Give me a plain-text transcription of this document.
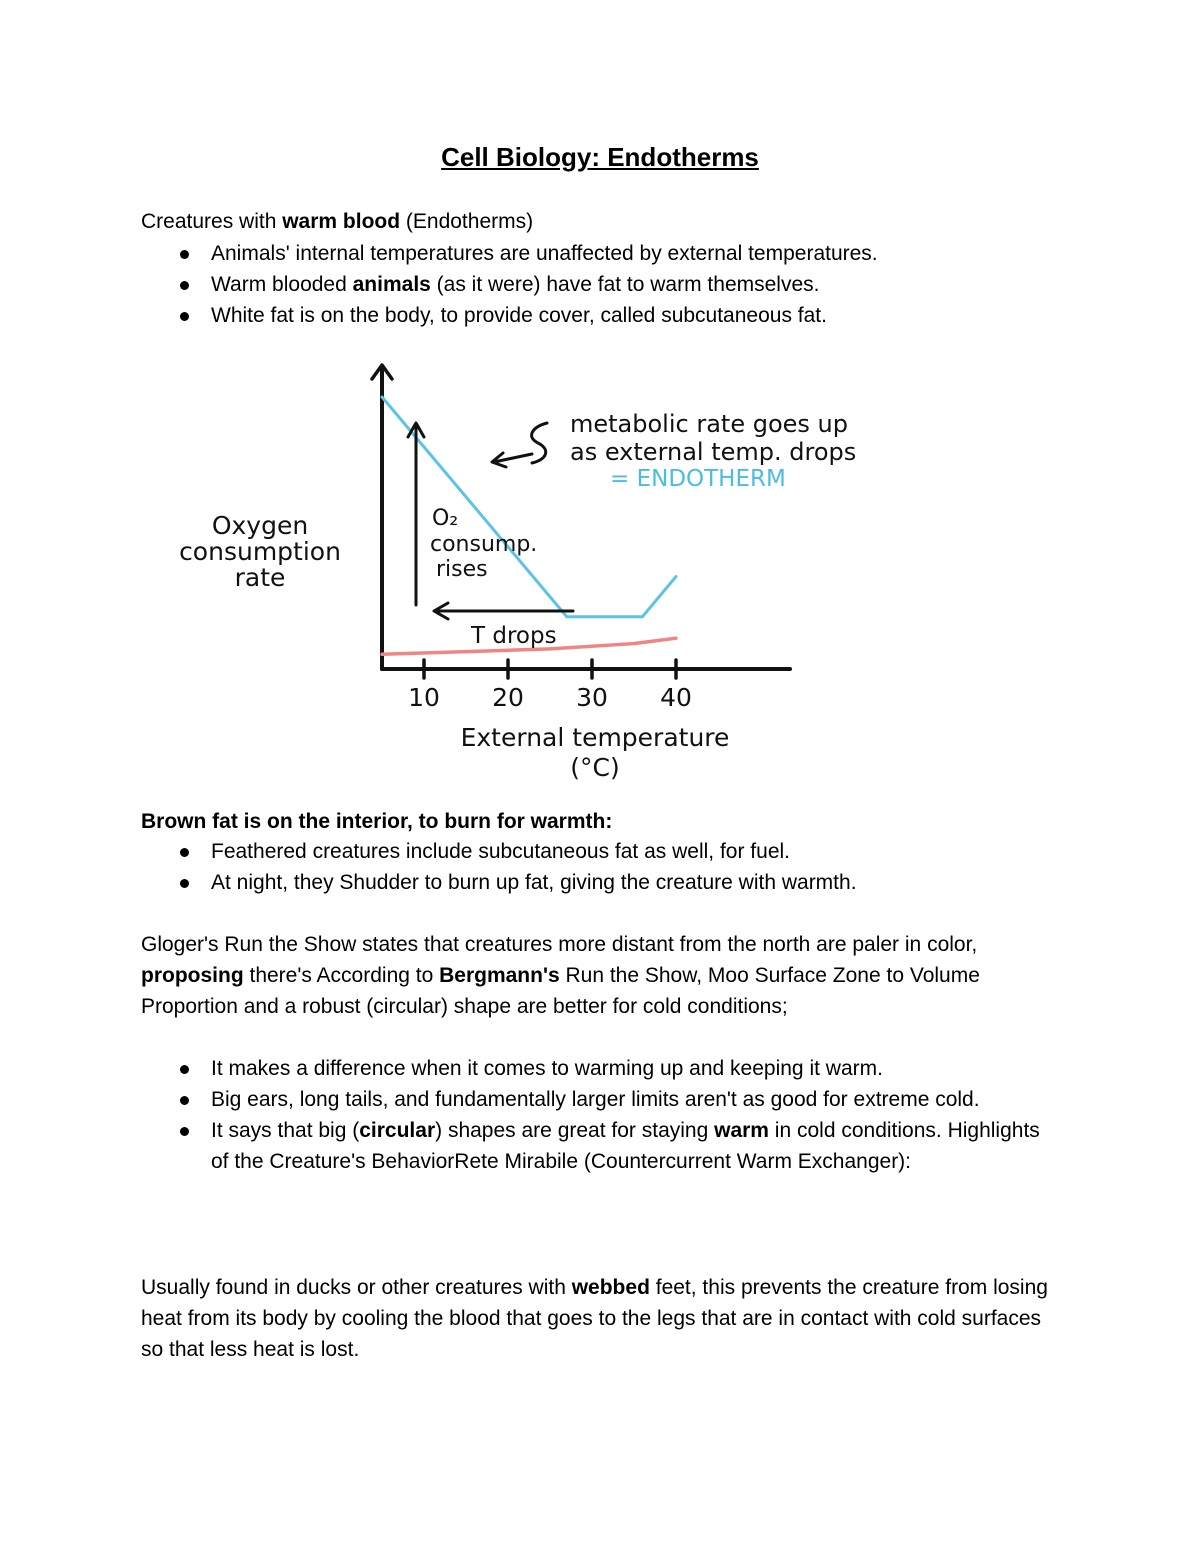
Cell Biology: Endotherms

Creatures with warm blood (Endotherms)

Animals' internal temperatures are unaffected by external temperatures.
Warm blooded animals (as it were) have fat to warm themselves.
White fat is on the body, to provide cover, called subcutaneous fat.
10 20 30 40
Oxygen
consumption
rate
External temperature
(°C)
O₂
consump.
rises
T drops
metabolic rate goes up
as external temp. drops
= ENDOTHERM
Brown fat is on the interior, to burn for warmth:
Feathered creatures include subcutaneous fat as well, for fuel.
At night, they Shudder to burn up fat, giving the creature with warmth.

Gloger's Run the Show states that creatures more distant from the north are paler in color, proposing there's According to Bergmann's Run the Show, Moo Surface Zone to Volume Proportion and a robust (circular) shape are better for cold conditions;

It makes a difference when it comes to warming up and keeping it warm.
Big ears, long tails, and fundamentally larger limits aren't as good for extreme cold.
It says that big (circular) shapes are great for staying warm in cold conditions. Highlights of the Creature's BehaviorRete Mirabile (Countercurrent Warm Exchanger):

Usually found in ducks or other creatures with webbed feet, this prevents the creature from losing heat from its body by cooling the blood that goes to the legs that are in contact with cold surfaces so that less heat is lost.
